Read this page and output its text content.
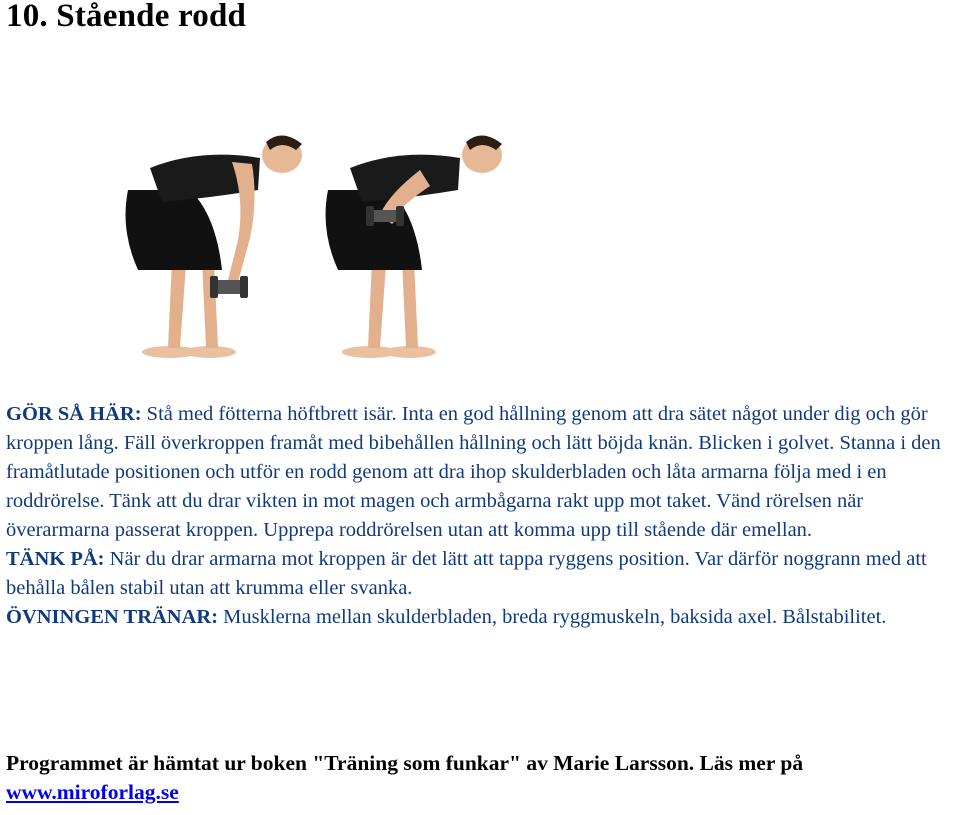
10. Stående rodd

GÖR SÅ HÄR: Stå med fötterna höftbrett isär. Inta en god hållning genom att dra sätet något under dig och gör kroppen lång. Fäll överkroppen framåt med bibehållen hållning och lätt böjda knän. Blicken i golvet. Stanna i den framåtlutade positionen och utför en rodd genom att dra ihop skulderbladen och låta armarna följa med i en roddrörelse. Tänk att du drar vikten in mot magen och armbågarna rakt upp mot taket. Vänd rörelsen när överarmarna passerat kroppen. Upprepa roddrörelsen utan att komma upp till stående där emellan.
TÄNK PÅ: När du drar armarna mot kroppen är det lätt att tappa ryggens position. Var därför noggrann med att behålla bålen stabil utan att krumma eller svanka.
ÖVNINGEN TRÄNAR: Musklerna mellan skulderbladen, breda ryggmuskeln, baksida axel. Bålstabilitet.

Programmet är hämtat ur boken "Träning som funkar" av Marie Larsson. Läs mer på
www.miroforlag.se
